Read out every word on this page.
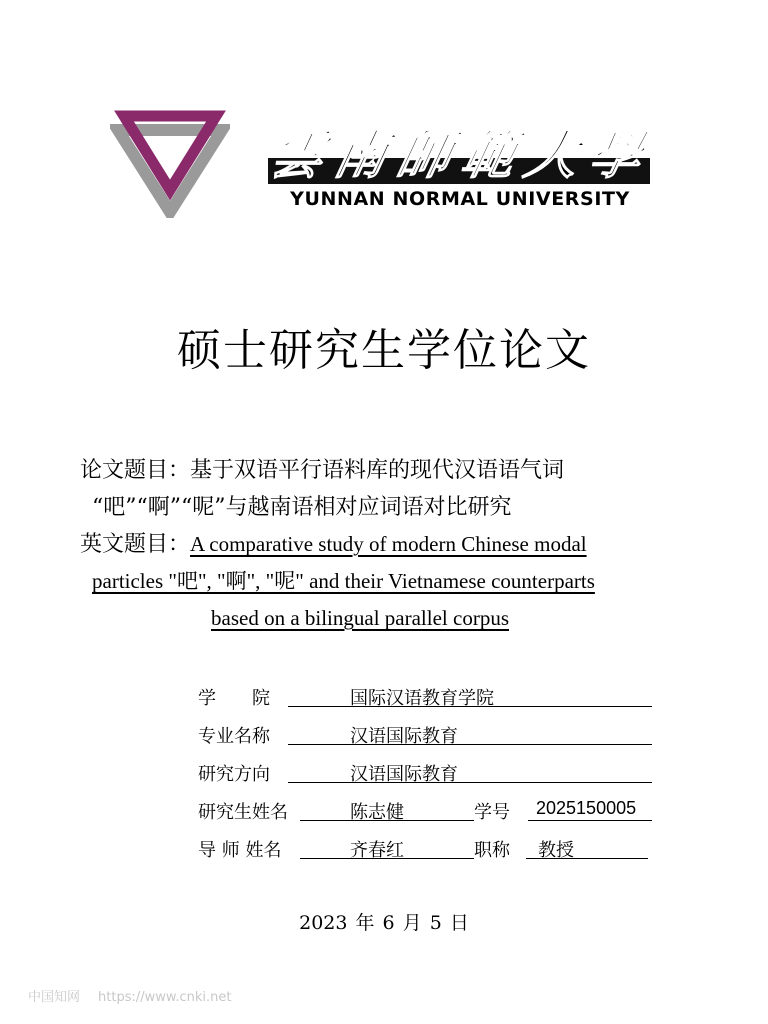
雲
南
師
範
大
學
YUNNAN NORMAL UNIVERSITY
硕士研究生学位论文
论文题目：基于双语平行语料库的现代汉语语气词
“吧”“啊”“呢”与越南语相对应词语对比研究
英文题目：A comparative study of modern Chinese modal
particles "吧", "啊", "呢" and their Vietnamese counterparts
based on a bilingual parallel corpus
学　　院	国际汉语教育学院
专业名称	汉语国际教育
研究方向	汉语国际教育
研究生姓名	陈志健	学号 2025150005
导 师 姓名	齐春红	职称 教授
2023 年 6 月 5 日
中国知网 https://www.cnki.net
